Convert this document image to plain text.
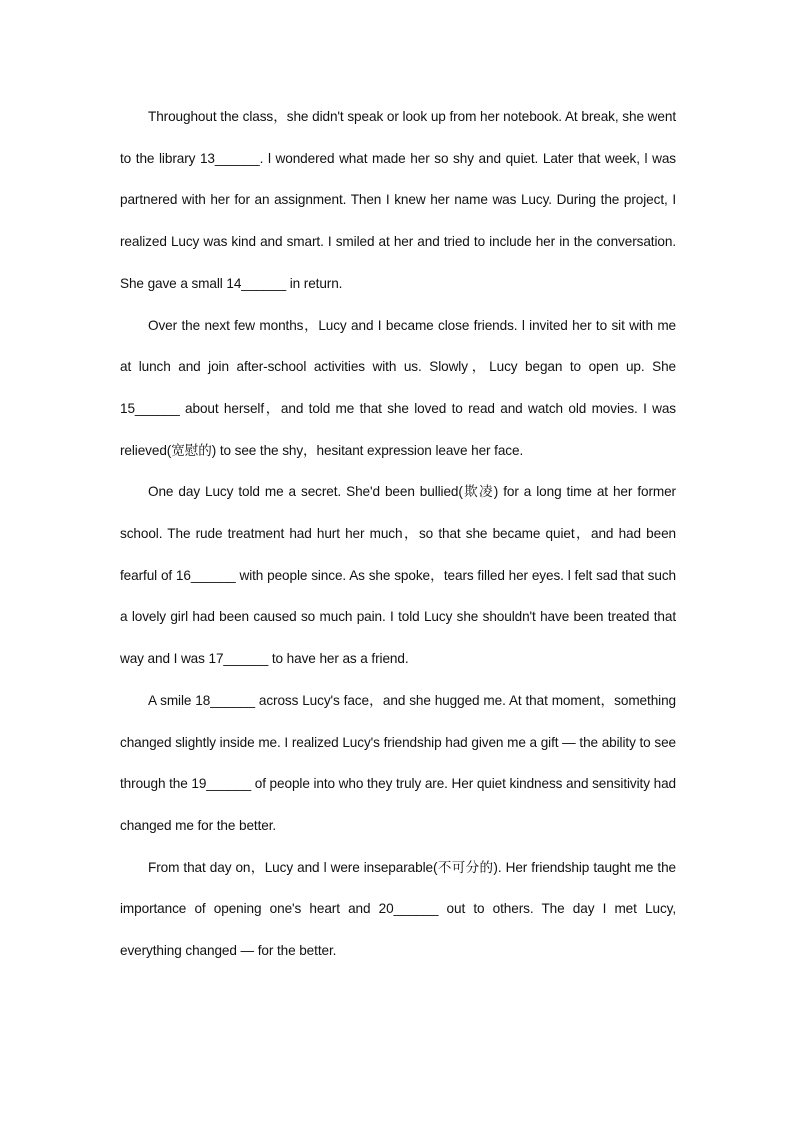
Throughout the class，she didn't speak or look up from her notebook. At break, she went to the library 13______. l wondered what made her so shy and quiet. Later that week, l was partnered with her for an assignment. Then I knew her name was Lucy. During the project, I realized Lucy was kind and smart. I smiled at her and tried to include her in the conversation. She gave a small 14______ in return.

Over the next few months，Lucy and I became close friends. l invited her to sit with me at lunch and join after-school activities with us. Slowly，Lucy began to open up. She 15______ about herself，and told me that she loved to read and watch old movies. I was relieved(宽慰的) to see the shy，hesitant expression leave her face.

One day Lucy told me a secret. She'd been bullied(欺凌) for a long time at her former school. The rude treatment had hurt her much，so that she became quiet，and had been fearful of 16______ with people since. As she spoke，tears filled her eyes. l felt sad that such a lovely girl had been caused so much pain. I told Lucy she shouldn't have been treated that way and I was 17______ to have her as a friend.

A smile 18______ across Lucy's face，and she hugged me. At that moment，something changed slightly inside me. I realized Lucy's friendship had given me a gift — the ability to see through the 19______ of people into who they truly are. Her quiet kindness and sensitivity had changed me for the better.

From that day on，Lucy and l were inseparable(不可分的). Her friendship taught me the importance of opening one's heart and 20______ out to others. The day I met Lucy, everything changed — for the better.
